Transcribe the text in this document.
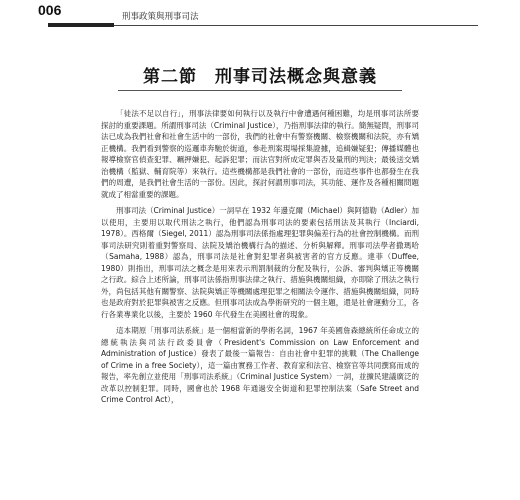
006	刑事政策與刑事司法
第二節　刑事司法概念與意義

「徒法不足以自行」，刑事法律要如何執行以及執行中會遭遇何種困難，均是刑事司法所要探討的重要課題。所謂刑事司法（Criminal Justice），乃指刑事法律的執行。簡無疑問，刑事司法已成為我們社會和社會生活中的一部份，我們的社會中有警察機關、檢察機關和法院，亦有矯正機構。我們看到警察的巡邏車奔馳於街道，參赴刑案現場採集證據，追緝嫌疑犯；傳播媒體也報導檢察官偵查犯罪、羈押嫌犯、起訴犯罪；而法官對所成定罪與否及量刑的判決；最後送交矯治機構（監獄、輔育院等）來執行。這些機構都是我們社會的一部份，而這些事件也都發生在我們的周遭，是我們社會生活的一部份。因此，探討何謂刑事司法，其功能、運作及各種相關問題就成了相當重要的課題。

刑事司法（Criminal Justice）一詞早在 1932 年邊克爾（Michael）與阿德勒（Adler）加以使用，主要用以取代刑法之執行，他們認為刑事司法的要素包括刑法及其執行（Inciardi, 1978）。西格爾（Siegel, 2011）認為刑事司法係指處理犯罪與偏差行為的社會控制機構。而刑事司法研究則着重對警察局、法院及矯治機構行為的描述、分析與解釋。刑事司法學者撒瑪哈（Samaha, 1988）認為，刑事司法是社會對犯罪者與被害者的官方反應。達菲（Duffee, 1980）則指出，刑事司法之概念是用來表示刑罰制裁的分配及執行，公訴、審判與矯正等機關之行政。綜合上述所論，刑事司法係指刑事法律之執行、措施與機關組織，亦即除了刑法之執行外，尚包括其他有關警察、法院與矯正等機關處理犯罪之相關法令運作、措施與機關組織，同時也是政府對於犯罪與被害之反應。但刑事司法成為學術研究的一個主題，還是社會運動分工，各行各業專業化以後，主要於 1960 年代發生在美國社會的現象。

這本期原「刑事司法系統」是一個相當新的學術名詞，1967 年美國詹森總統所任命成立的總統執法與司法行政委員會（President's Commission on Law Enforcement and Administration of Justice）發表了最後一篇報告：自由社會中犯罪的挑戰（The Challenge of Crime in a free Society），這一篇由實務工作者、教育家和法官、檢察官等共同撰寫而成的報告，率先創立並使用「刑事司法系統」（Criminal Justice System）一詞，並擴民建議廣泛的改革以控制犯罪。同時，國會也於 1968 年通過安全街道和犯罪控制法案（Safe Street and Crime Control Act），
